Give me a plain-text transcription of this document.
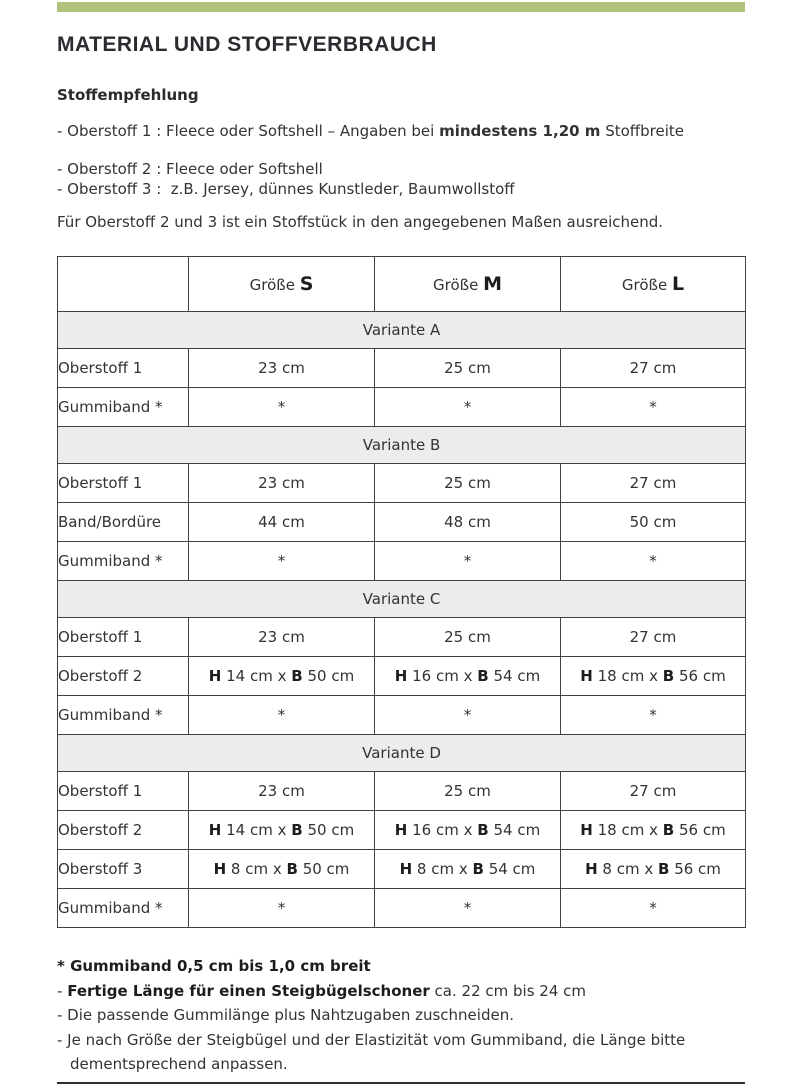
MATERIAL UND STOFFVERBRAUCH
Stoffempfehlung

- Oberstoff 1 : Fleece oder Softshell – Angaben bei mindestens 1,20 m Stoffbreite

- Oberstoff 2 : Fleece oder Softshell

- Oberstoff 3 :  z.B. Jersey, dünnes Kunstleder, Baumwollstoff

Für Oberstoff 2 und 3 ist ein Stoffstück in den angegebenen Maßen ausreichend.

	Größe S	Größe M	Größe L
Variante A			
Oberstoff 1	23 cm	25 cm	27 cm
Gummiband *	*	*	*
Variante B			
Oberstoff 1	23 cm	25 cm	27 cm
Band/Bordüre	44 cm	48 cm	50 cm
Gummiband *	*	*	*
Variante C			
Oberstoff 1	23 cm	25 cm	27 cm
Oberstoff 2	H 14 cm x B 50 cm	H 16 cm x B 54 cm	H 18 cm x B 56 cm
Gummiband *	*	*	*
Variante D			
Oberstoff 1	23 cm	25 cm	27 cm
Oberstoff 2	H 14 cm x B 50 cm	H 16 cm x B 54 cm	H 18 cm x B 56 cm
Oberstoff 3	H 8 cm x B 50 cm	H 8 cm x B 54 cm	H 8 cm x B 56 cm
Gummiband *	*	*	*

* Gummiband 0,5 cm bis 1,0 cm breit

- Fertige Länge für einen Steigbügelschoner ca. 22 cm bis 24 cm

- Die passende Gummilänge plus Nahtzugaben zuschneiden.

- Je nach Größe der Steigbügel und der Elastizität vom Gummiband, die Länge bitte dementsprechend anpassen.
